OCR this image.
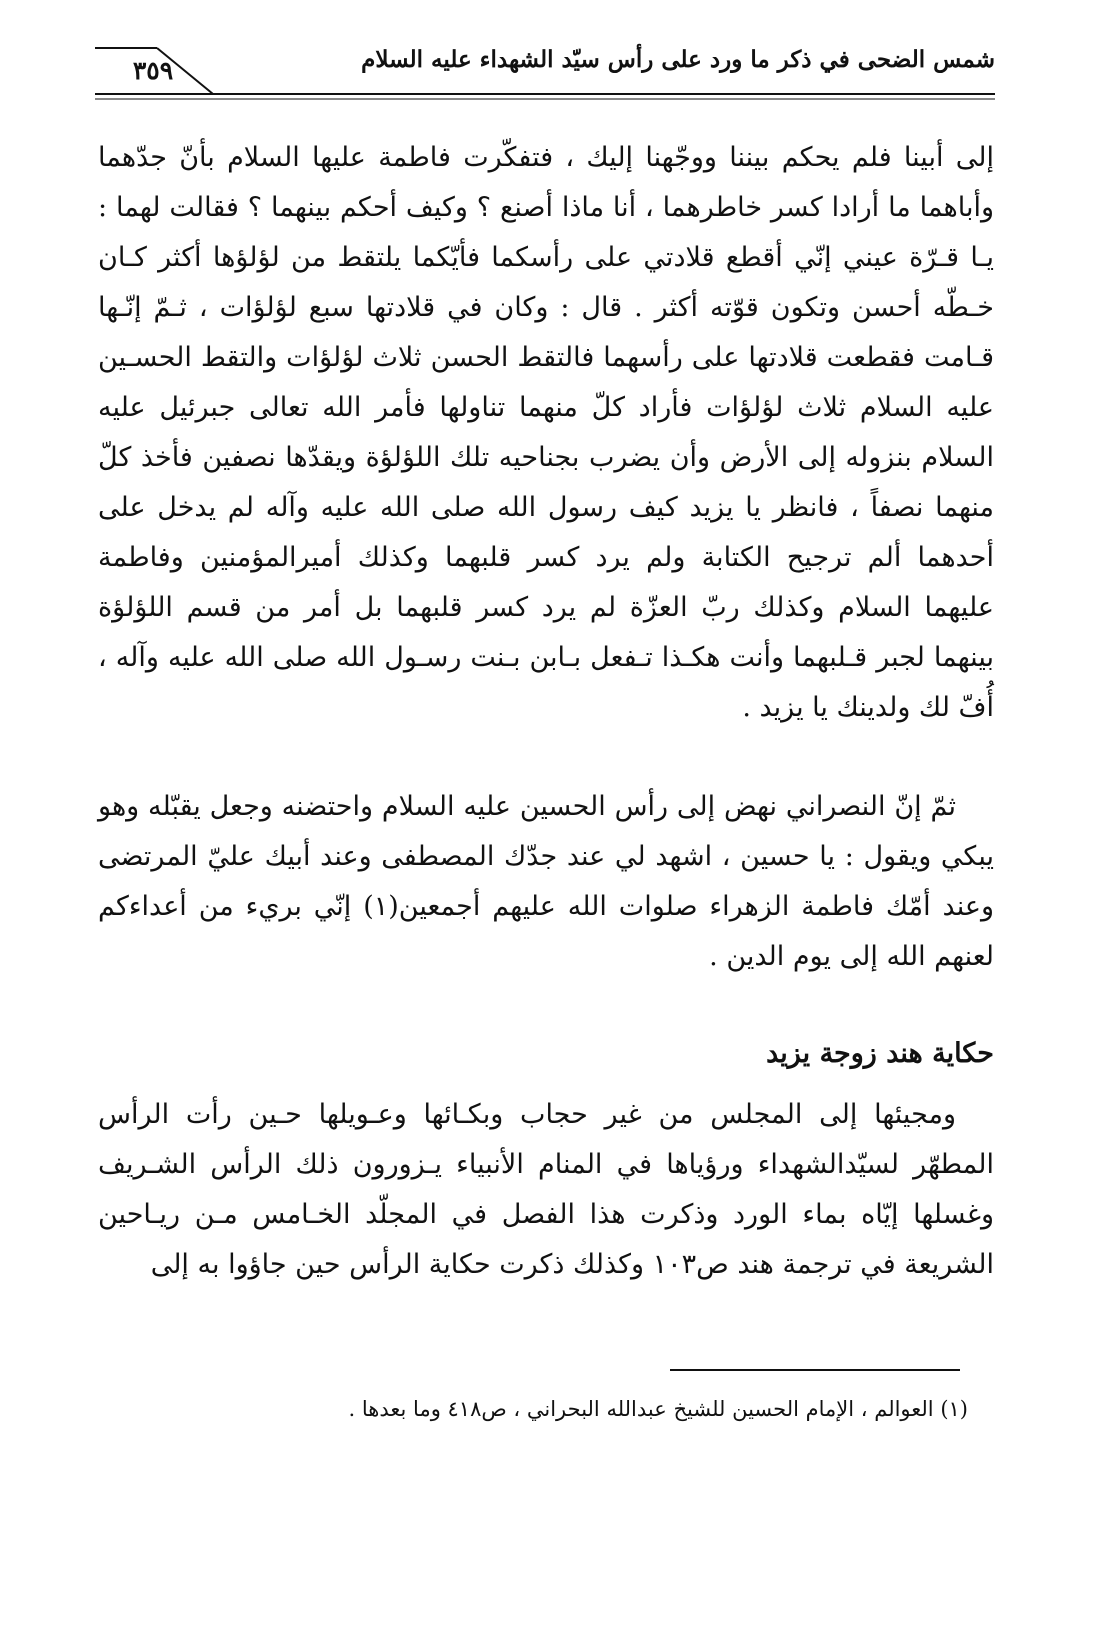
شمس الضحى في ذكر ما ورد على رأس سيّد الشهداء عليه السلام
٣٥٩

إلى أبينا فلم يحكم بيننا ووجّهنا إليك ، فتفكّرت فاطمة عليها السلام بأنّ جدّهما وأباهما ما أرادا كسر خاطرهما ، أنا ماذا أصنع ؟ وكيف أحكم بينهما ؟ فقالت لهما : يـا قـرّة عيني إنّي أقطع قلادتي على رأسكما فأيّكما يلتقط من لؤلؤها أكثر كـان خـطّه أحسن وتكون قوّته أكثر . قال : وكان في قلادتها سبع لؤلؤات ، ثـمّ إنّـها قـامت فقطعت قلادتها على رأسهما فالتقط الحسن ثلاث لؤلؤات والتقط الحسـين عليه السلام ثلاث لؤلؤات فأراد كلّ منهما تناولها فأمر الله تعالى جبرئيل عليه السلام بنزوله إلى الأرض وأن يضرب بجناحيه تلك اللؤلؤة ويقدّها نصفين فأخذ كلّ منهما نصفاً ، فانظر يا يزيد كيف رسول الله صلى الله عليه وآله لم يدخل على أحدهما ألم ترجيح الكتابة ولم يرد كسر قلبهما وكذلك أميرالمؤمنين وفاطمة عليهما السلام وكذلك ربّ العزّة لم يرد كسر قلبهما بل أمر من قسم اللؤلؤة بينهما لجبر قـلبهما وأنت هكـذا تـفعل بـابن بـنت رسـول الله صلى الله عليه وآله ، أُفّ لك ولدينك يا يزيد .

ثمّ إنّ النصراني نهض إلى رأس الحسين عليه السلام واحتضنه وجعل يقبّله وهو يبكي ويقول : يا حسين ، اشهد لي عند جدّك المصطفى وعند أبيك عليّ المرتضى وعند أمّك فاطمة الزهراء صلوات الله عليهم أجمعين(١) إنّي بريء من أعداءكم لعنهم الله إلى يوم الدين .

حكاية هند زوجة يزيد

ومجيئها إلى المجلس من غير حجاب وبكـائها وعـويلها حـين رأت الرأس المطهّر لسيّدالشهداء ورؤياها في المنام الأنبياء يـزورون ذلك الرأس الشـريف وغسلها إيّاه بماء الورد وذكرت هذا الفصل في المجلّد الخـامس مـن ريـاحين الشريعة في ترجمة هند ص١٠٣ وكذلك ذكرت حكاية الرأس حين جاؤوا به إلى

(١) العوالم ، الإمام الحسين للشيخ عبدالله البحراني ، ص٤١٨ وما بعدها .
